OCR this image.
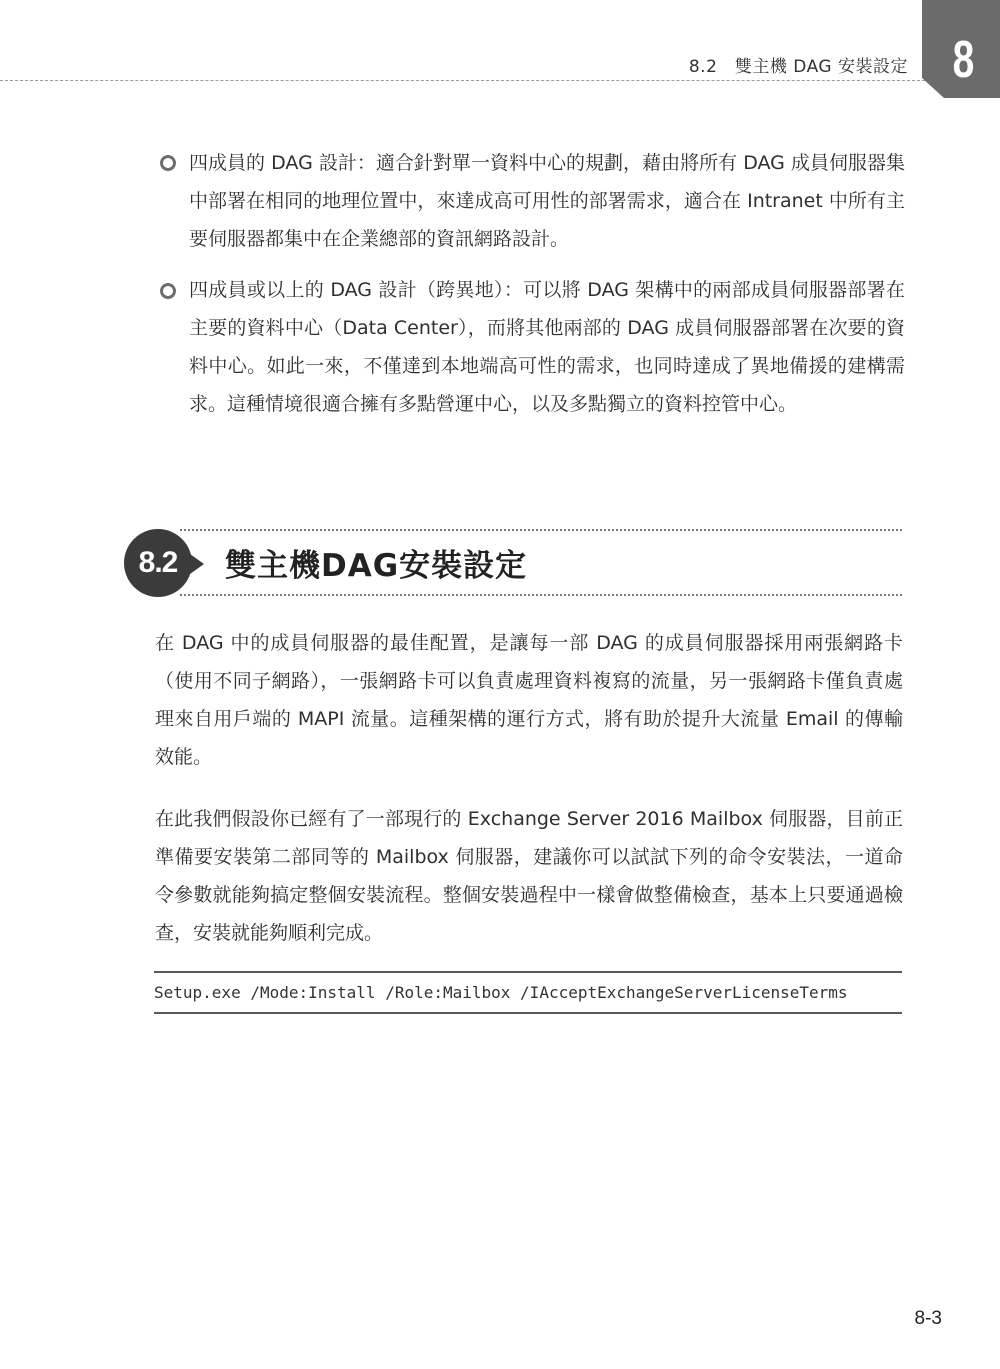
8.2　雙主機 DAG 安裝設定 8
四成員的 DAG 設計：適合針對單一資料中心的規劃，藉由將所有 DAG 成員伺服器集中部署在相同的地理位置中，來達成高可用性的部署需求，適合在 Intranet 中所有主要伺服器都集中在企業總部的資訊網路設計。
四成員或以上的 DAG 設計（跨異地）：可以將 DAG 架構中的兩部成員伺服器部署在主要的資料中心（Data Center），而將其他兩部的 DAG 成員伺服器部署在次要的資料中心。如此一來，不僅達到本地端高可性的需求，也同時達成了異地備援的建構需求。這種情境很適合擁有多點營運中心，以及多點獨立的資料控管中心。
8.2	雙主機DAG安裝設定
在 DAG 中的成員伺服器的最佳配置，是讓每一部 DAG 的成員伺服器採用兩張網路卡（使用不同子網路），一張網路卡可以負責處理資料複寫的流量，另一張網路卡僅負責處理來自用戶端的 MAPI 流量。這種架構的運行方式，將有助於提升大流量 Email 的傳輸效能。
在此我們假設你已經有了一部現行的 Exchange Server 2016 Mailbox 伺服器，目前正準備要安裝第二部同等的 Mailbox 伺服器，建議你可以試試下列的命令安裝法，一道命令參數就能夠搞定整個安裝流程。整個安裝過程中一樣會做整備檢查，基本上只要通過檢查，安裝就能夠順利完成。
Setup.exe /Mode:Install /Role:Mailbox /IAcceptExchangeServerLicenseTerms
8-3
